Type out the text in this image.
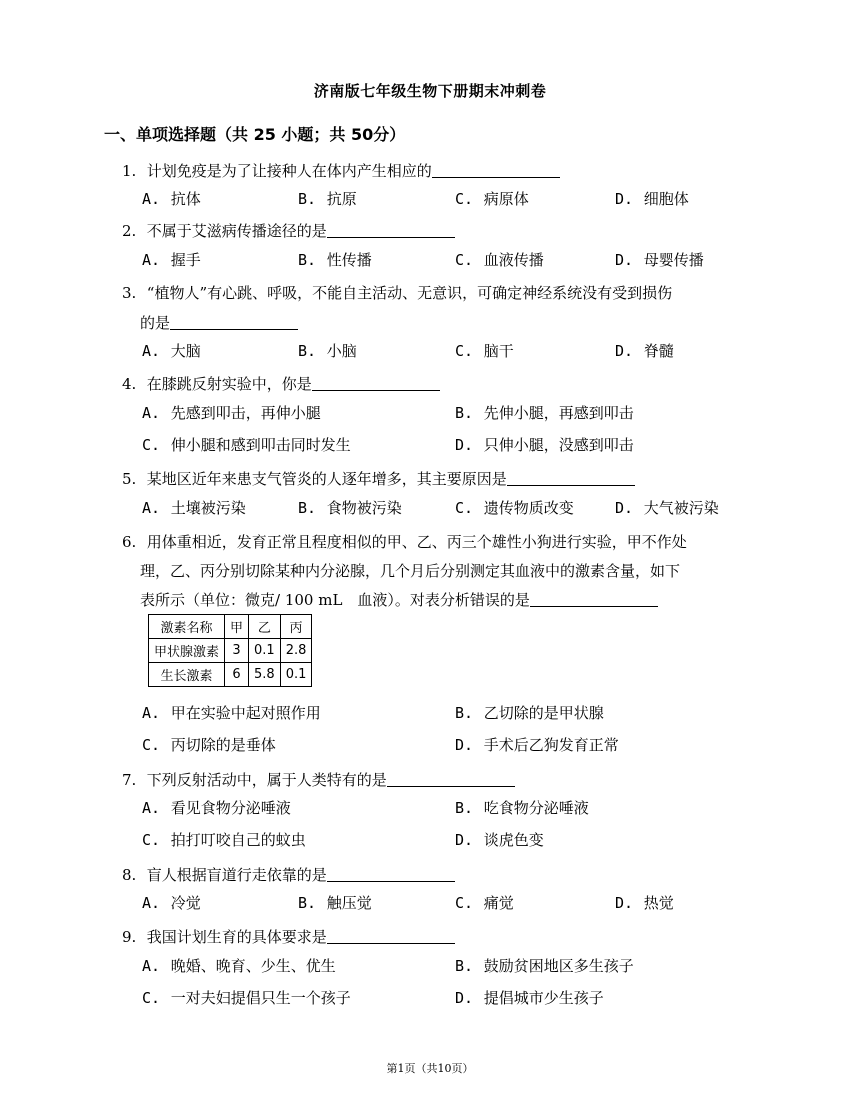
济南版七年级生物下册期末冲刺卷
一、单项选择题（共 25 小题；共 50分）
1. 计划免疫是为了让接种人在体内产生相应的
A. 抗体	B. 抗原	C. 病原体	D. 细胞体
2. 不属于艾滋病传播途径的是
A. 握手	B. 性传播	C. 血液传播	D. 母婴传播
3. “植物人”有心跳、呼吸，不能自主活动、无意识，可确定神经系统没有受到损伤
的是
A. 大脑	B. 小脑	C. 脑干	D. 脊髓
4. 在膝跳反射实验中，你是
A. 先感到叩击，再伸小腿	B. 先伸小腿，再感到叩击
C. 伸小腿和感到叩击同时发生	D. 只伸小腿，没感到叩击
5. 某地区近年来患支气管炎的人逐年增多，其主要原因是
A. 土壤被污染	B. 食物被污染	C. 遗传物质改变	D. 大气被污染
6. 用体重相近，发育正常且程度相似的甲、乙、丙三个雄性小狗进行实验，甲不作处
理，乙、丙分别切除某种内分泌腺，几个月后分别测定其血液中的激素含量，如下
表所示（单位：微克/ 100 mL　血液）。对表分析错误的是
激素名称	甲	乙	丙
甲状腺激素	3	0.1	2.8
生长激素	6	5.8	0.1
A. 甲在实验中起对照作用	B. 乙切除的是甲状腺
C. 丙切除的是垂体	D. 手术后乙狗发育正常
7. 下列反射活动中，属于人类特有的是
A. 看见食物分泌唾液	B. 吃食物分泌唾液
C. 拍打叮咬自己的蚊虫	D. 谈虎色变
8. 盲人根据盲道行走依靠的是
A. 冷觉	B. 触压觉	C. 痛觉	D. 热觉
9. 我国计划生育的具体要求是
A. 晚婚、晚育、少生、优生	B. 鼓励贫困地区多生孩子
C. 一对夫妇提倡只生一个孩子	D. 提倡城市少生孩子
第1页（共10页）
